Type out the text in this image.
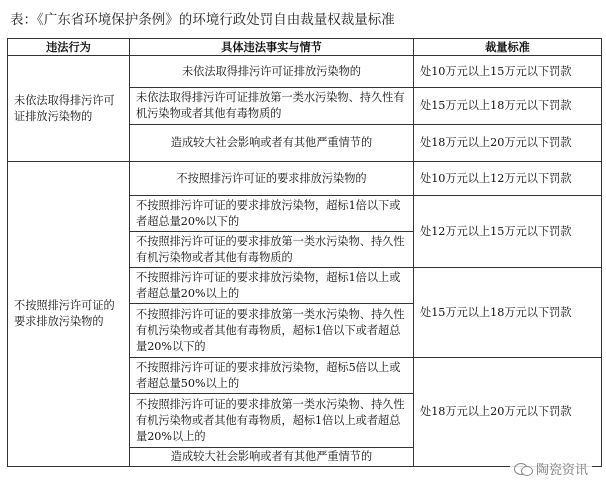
表：《广东省环境保护条例》的环境行政处罚自由裁量权裁量标准
违法行为	具体违法事实与情节	裁量标准
未依法取得排污许可证排放污染物的	未依法取得排污许可证排放污染物的	处10万元以上15万元以下罚款
	未依法取得排污许可证排放第一类水污染物、持久性有机污染物或者其他有毒物质的	处15万元以上18万元以下罚款
	造成较大社会影响或者有其他严重情节的	处18万元以上20万元以下罚款
不按照排污许可证的要求排放污染物的	不按照排污许可证的要求排放污染物的	处10万元以上12万元以下罚款
	不按照排污许可证的要求排放污染物，超标1倍以下或者超总量20%以下的	处12万元以上15万元以下罚款
	不按照排污许可证的要求排放第一类水污染物、持久性有机污染物或者其他有毒物质的	
	不按照排污许可证的要求排放污染物，超标1倍以上或者超总量20%以上的	处15万元以上18万元以下罚款
	不按照排污许可证的要求排放第一类水污染物、持久性有机污染物或者其他有毒物质，超标1倍以下或者超总量20%以下的	
	不按照排污许可证的要求排放污染物，超标5倍以上或者超总量50%以上的	处18万元以上20万元以下罚款
	不按照排污许可证的要求排放第一类水污染物、持久性有机污染物或者其他有毒物质，超标1倍以上或者超总量20%以上的	
	造成较大社会影响或者有其他严重情节的	
陶瓷资讯
